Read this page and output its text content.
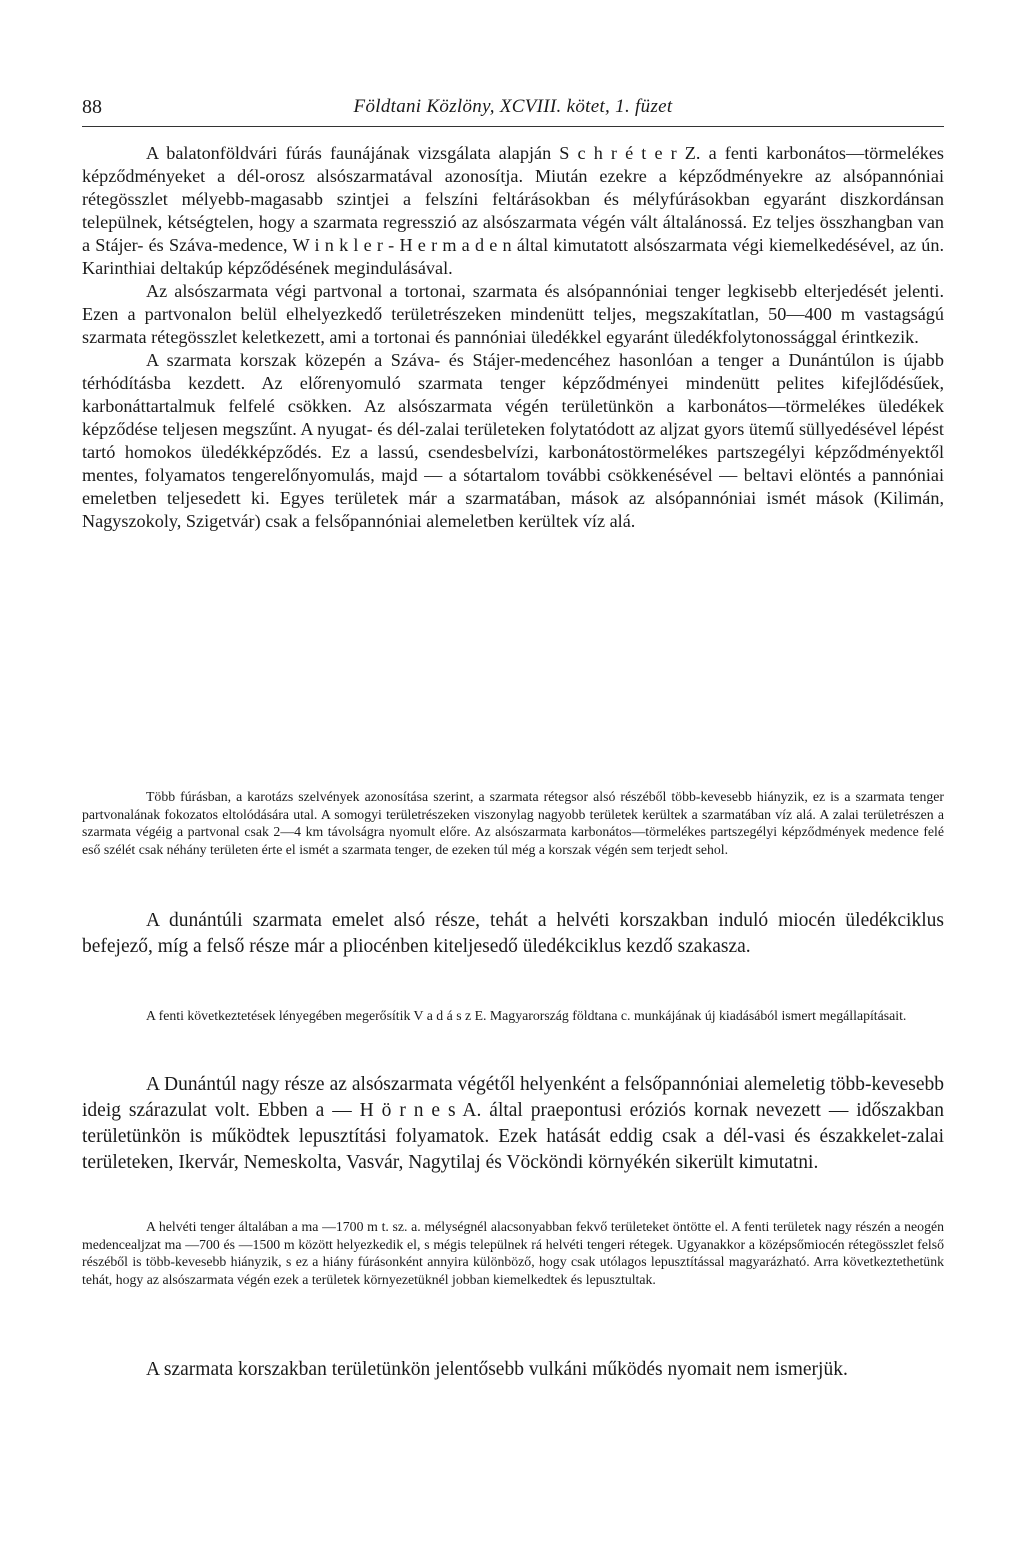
88	Földtani Közlöny, XCVIII. kötet, 1. füzet

A balatonföldvári fúrás faunájának vizsgálata alapján S c h r é t e r Z. a fenti karbonátos—törmelékes képződményeket a dél-orosz alsószarmatával azonosítja. Miután ezekre a képződményekre az alsópannóniai rétegösszlet mélyebb-magasabb szintjei a felszíni feltárásokban és mélyfúrásokban egyaránt diszkordánsan települnek, kétségtelen, hogy a szarmata regresszió az alsószarmata végén vált általánossá. Ez teljes összhangban van a Stájer- és Száva-medence, W i n k l e r - H e r m a d e n által kimutatott alsószarmata végi kiemelkedésével, az ún. Karinthiai deltakúp képződésének megindulásával.

Az alsószarmata végi partvonal a tortonai, szarmata és alsópannóniai tenger legkisebb elterjedését jelenti. Ezen a partvonalon belül elhelyezkedő területrészeken mindenütt teljes, megszakítatlan, 50—400 m vastagságú szarmata rétegösszlet keletkezett, ami a tortonai és pannóniai üledékkel egyaránt üledékfolytonossággal érintkezik.

A szarmata korszak közepén a Száva- és Stájer-medencéhez hasonlóan a tenger a Dunántúlon is újabb térhódításba kezdett. Az előrenyomuló szarmata tenger képződményei mindenütt pelites kifejlődésűek, karbonáttartalmuk felfelé csökken. Az alsószarmata végén területünkön a karbonátos—törmelékes üledékek képződése teljesen megszűnt. A nyugat- és dél-zalai területeken folytatódott az aljzat gyors ütemű süllyedésével lépést tartó homokos üledékképződés. Ez a lassú, csendesbelvízi, karbonátostörmelékes partszegélyi képződményektől mentes, folyamatos tengerelőnyomulás, majd — a sótartalom további csökkenésével — beltavi elöntés a pannóniai emeletben teljesedett ki. Egyes területek már a szarmatában, mások az alsópannóniai ismét mások (Kilimán, Nagyszokoly, Szigetvár) csak a felsőpannóniai alemeletben kerültek víz alá.

Több fúrásban, a karotázs szelvények azonosítása szerint, a szarmata rétegsor alsó részéből több-kevesebb hiányzik, ez is a szarmata tenger partvonalának fokozatos eltolódására utal. A somogyi területrészeken viszonylag nagyobb területek kerültek a szarmatában víz alá. A zalai területrészen a szarmata végéig a partvonal csak 2—4 km távolságra nyomult előre. Az alsószarmata karbonátos—törmelékes partszegélyi képződmények medence felé eső szélét csak néhány területen érte el ismét a szarmata tenger, de ezeken túl még a korszak végén sem terjedt sehol.

A dunántúli szarmata emelet alsó része, tehát a helvéti korszakban induló miocén üledékciklus befejező, míg a felső része már a pliocénben kiteljesedő üledékciklus kezdő szakasza.

A fenti következtetések lényegében megerősítik V a d á s z E. Magyarország földtana c. munkájának új kiadásából ismert megállapításait.

A Dunántúl nagy része az alsószarmata végétől helyenként a felsőpannóniai alemeletig több-kevesebb ideig szárazulat volt. Ebben a — H ö r n e s A. által praepontusi eróziós kornak nevezett — időszakban területünkön is működtek lepusztítási folyamatok. Ezek hatását eddig csak a dél-vasi és északkelet-zalai területeken, Ikervár, Nemeskolta, Vasvár, Nagytilaj és Vöcköndi környékén sikerült kimutatni.

A helvéti tenger általában a ma —1700 m t. sz. a. mélységnél alacsonyabban fekvő területeket öntötte el. A fenti területek nagy részén a neogén medencealjzat ma —700 és —1500 m között helyezkedik el, s mégis települnek rá helvéti tengeri rétegek. Ugyanakkor a középsőmiocén rétegösszlet felső részéből is több-kevesebb hiányzik, s ez a hiány fúrásonként annyira különböző, hogy csak utólagos lepusztítással magyarázható. Arra következtethetünk tehát, hogy az alsószarmata végén ezek a területek környezetüknél jobban kiemelkedtek és lepusztultak.

A szarmata korszakban területünkön jelentősebb vulkáni működés nyomait nem ismerjük.
